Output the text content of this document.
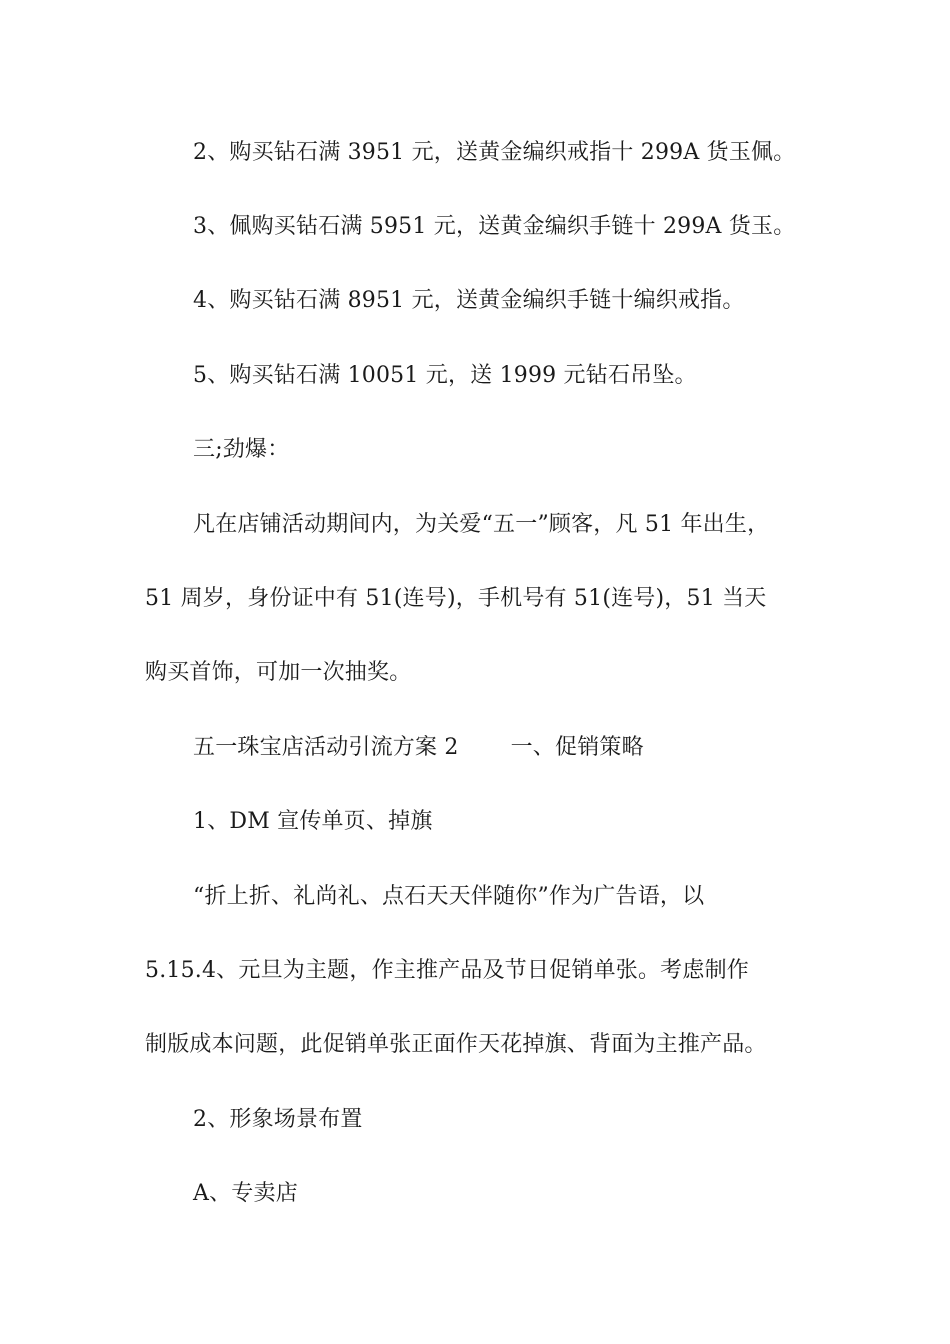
2、购买钻石满 3951 元，送黄金编织戒指十 299A 货玉佩。
3、佩购买钻石满 5951 元，送黄金编织手链十 299A 货玉。
4、购买钻石满 8951 元，送黄金编织手链十编织戒指。
5、购买钻石满 10051 元，送 1999 元钻石吊坠。
三;劲爆：
凡在店铺活动期间内，为关爱“五一”顾客，凡 51 年出生，
51 周岁，身份证中有 51(连号)，手机号有 51(连号)，51 当天
购买首饰，可加一次抽奖。
五一珠宝店活动引流方案 2 一、促销策略
1、DM 宣传单页、掉旗
“折上折、礼尚礼、点石天天伴随你”作为广告语，以
5.15.4、元旦为主题，作主推产品及节日促销单张。考虑制作
制版成本问题，此促销单张正面作天花掉旗、背面为主推产品。
2、形象场景布置
A、专卖店
